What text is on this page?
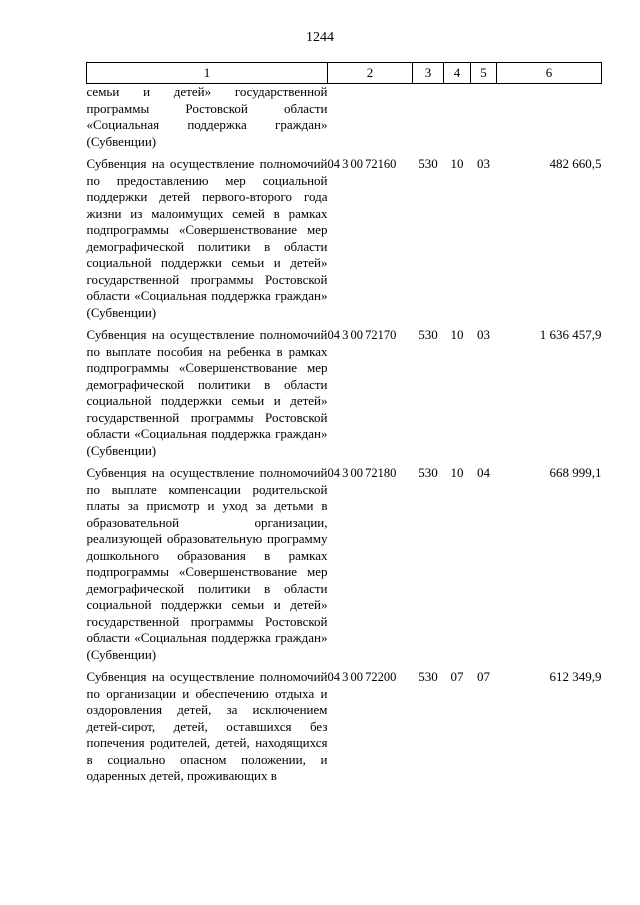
1244
1	2	3	4	5	6
семьи и детей» государственной программы Ростовской области «Социальная поддержка граждан» (Субвенции)					

Субвенция на осуществление полномочий по предоставлению мер социальной поддержки детей первого-второго года жизни из малоимущих семей в рамках подпрограммы «Совершенствование мер демографической политики в области социальной поддержки семьи и детей» государственной программы Ростовской области «Социальная поддержка граждан» (Субвенции)	04 3 00 72160	530	10	03	482 660,5

Субвенция на осуществление полномочий по выплате пособия на ребенка в рамках подпрограммы «Совершенствование мер демографической политики в области социальной поддержки семьи и детей» государственной программы Ростовской области «Социальная поддержка граждан» (Субвенции)	04 3 00 72170	530	10	03	1 636 457,9

Субвенция на осуществление полномочий по выплате компенсации родительской платы за присмотр и уход за детьми в образовательной организации, реализующей образовательную программу дошкольного образования в рамках подпрограммы «Совершенствование мер демографической политики в области социальной поддержки семьи и детей» государственной программы Ростовской области «Социальная поддержка граждан» (Субвенции)	04 3 00 72180	530	10	04	668 999,1

Субвенция на осуществление полномочий по организации и обеспечению отдыха и оздоровления детей, за исключением детей-сирот, детей, оставшихся без попечения родителей, детей, находящихся в социально опасном положении, и одаренных детей, проживающих в	04 3 00 72200	530	07	07	612 349,9
